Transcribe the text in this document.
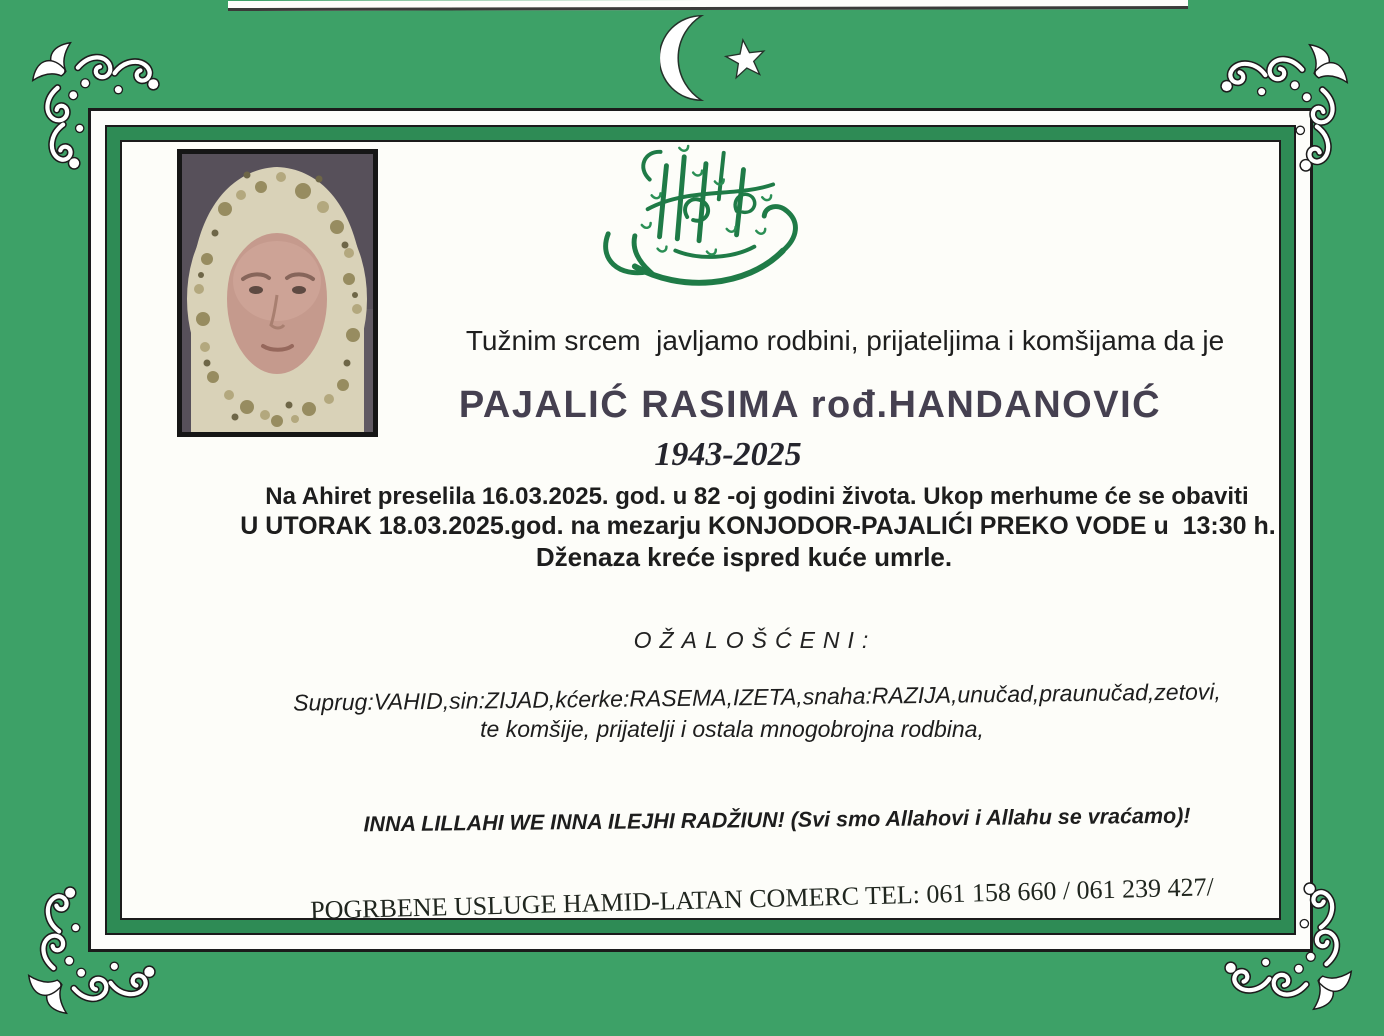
Tužnim srcem  javljamo rodbini, prijateljima i komšijama da je
PAJALIĆ RASIMA rođ.HANDANOVIĆ
1943-2025
Na Ahiret preselila 16.03.2025. god. u 82 -oj godini života. Ukop merhume će se obaviti
U UTORAK 18.03.2025.god. na mezarju KONJODOR-PAJALIĆI PREKO VODE u  13:30 h.
Dženaza kreće ispred kuće umrle.
OŽALOŠĆENI:
Suprug:VAHID,sin:ZIJAD,kćerke:RASEMA,IZETA,snaha:RAZIJA,unučad,praunučad,zetovi,
te komšije, prijatelji i ostala mnogobrojna rodbina,
INNA LILLAHI WE INNA ILEJHI RADŽIUN! (Svi smo Allahovi i Allahu se vraćamo)!
POGRBENE USLUGE HAMID-LATAN COMERC TEL: 061 158 660 / 061 239 427/
